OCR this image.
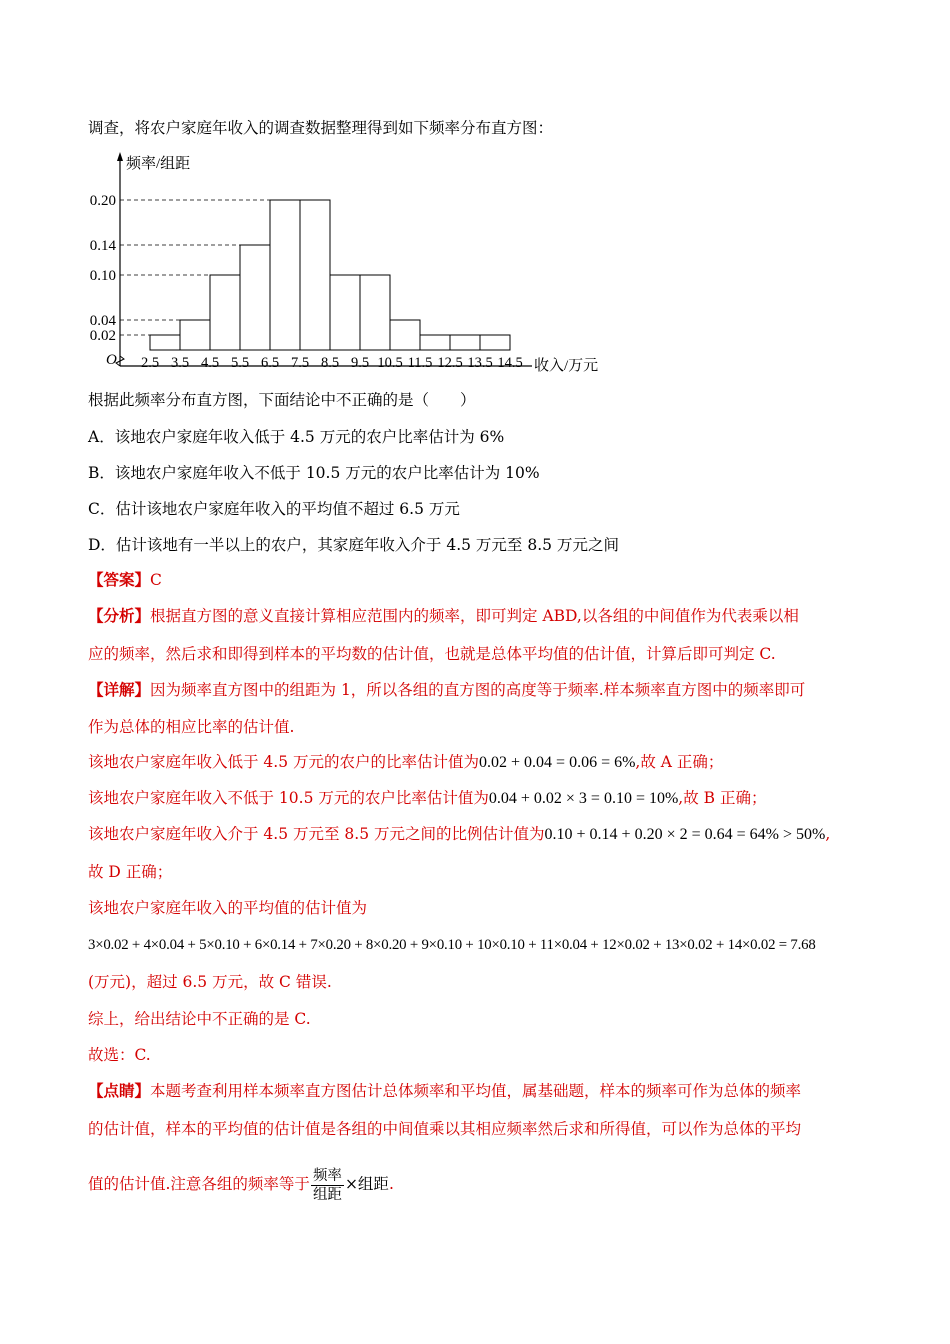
调查，将农户家庭年收入的调查数据整理得到如下频率分布直方图：
频率/组距
收入/万元
O
0.02
0.04
0.10
0.14
0.20
2.5 3.5 4.5 5.5 6.5 7.5 8.5 9.5 10.5 11.5 12.5 13.5 14.5
根据此频率分布直方图，下面结论中不正确的是（　　）
A．该地农户家庭年收入低于 4.5 万元的农户比率估计为 6%
B．该地农户家庭年收入不低于 10.5 万元的农户比率估计为 10%
C．估计该地农户家庭年收入的平均值不超过 6.5 万元
D．估计该地有一半以上的农户，其家庭年收入介于 4.5 万元至 8.5 万元之间
【答案】C
【分析】根据直方图的意义直接计算相应范围内的频率，即可判定 ABD,以各组的中间值作为代表乘以相
应的频率，然后求和即得到样本的平均数的估计值，也就是总体平均值的估计值，计算后即可判定 C.
【详解】因为频率直方图中的组距为 1，所以各组的直方图的高度等于频率.样本频率直方图中的频率即可
作为总体的相应比率的估计值.
该地农户家庭年收入低于 4.5 万元的农户的比率估计值为0.02 + 0.04 = 0.06 = 6%,故 A 正确；
该地农户家庭年收入不低于 10.5 万元的农户比率估计值为0.04 + 0.02 × 3 = 0.10 = 10%,故 B 正确；
该地农户家庭年收入介于 4.5 万元至 8.5 万元之间的比例估计值为0.10 + 0.14 + 0.20 × 2 = 0.64 = 64% > 50%,
故 D 正确；
该地农户家庭年收入的平均值的估计值为
3×0.02 + 4×0.04 + 5×0.10 + 6×0.14 + 7×0.20 + 8×0.20 + 9×0.10 + 10×0.10 + 11×0.04 + 12×0.02 + 13×0.02 + 14×0.02 = 7.68
(万元)，超过 6.5 万元，故 C 错误.
综上，给出结论中不正确的是 C.
故选：C.
【点睛】本题考查利用样本频率直方图估计总体频率和平均值，属基础题，样本的频率可作为总体的频率
的估计值，样本的平均值的估计值是各组的中间值乘以其相应频率然后求和所得值，可以作为总体的平均
值的估计值.注意各组的频率等于 $\frac{\text{频率}}{\text{组距}}$ ×组距.
